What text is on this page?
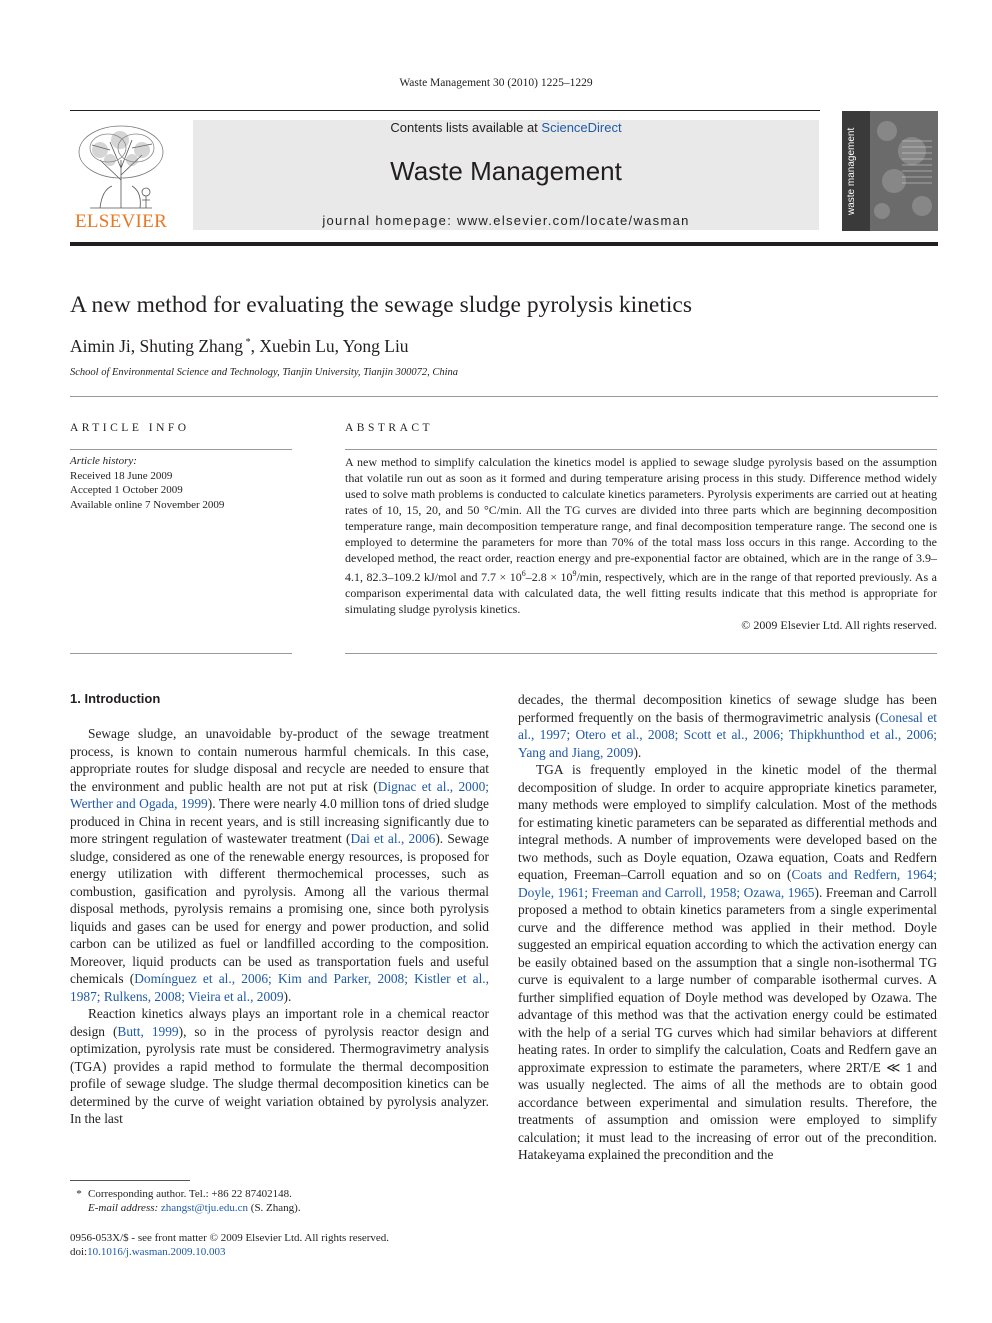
Waste Management 30 (2010) 1225–1229
ELSEVIER
Contents lists available at ScienceDirect
Waste Management
journal homepage: www.elsevier.com/locate/wasman
waste management
A new method for evaluating the sewage sludge pyrolysis kinetics
Aimin Ji, Shuting Zhang *, Xuebin Lu, Yong Liu
School of Environmental Science and Technology, Tianjin University, Tianjin 300072, China
ARTICLE INFO
Article history:
Received 18 June 2009
Accepted 1 October 2009
Available online 7 November 2009
ABSTRACT

A new method to simplify calculation the kinetics model is applied to sewage sludge pyrolysis based on the assumption that volatile run out as soon as it formed and during temperature arising process in this study. Difference method widely used to solve math problems is conducted to calculate kinetics parameters. Pyrolysis experiments are carried out at heating rates of 10, 15, 20, and 50 °C/min. All the TG curves are divided into three parts which are beginning decomposition temperature range, main decomposition temperature range, and final decomposition temperature range. The second one is employed to determine the parameters for more than 70% of the total mass loss occurs in this range. According to the developed method, the react order, reaction energy and pre-exponential factor are obtained, which are in the range of 3.9–4.1, 82.3–109.2 kJ/mol and $7.7 \times 10^6-2.8 \times 10^9/\min$, respectively, which are in the range of that reported previously. As a comparison experimental data with calculated data, the well fitting results indicate that this method is appropriate for simulating sludge pyrolysis kinetics.

© 2009 Elsevier Ltd. All rights reserved.
1. Introduction

Sewage sludge, an unavoidable by-product of the sewage treatment process, is known to contain numerous harmful chemicals. In this case, appropriate routes for sludge disposal and recycle are needed to ensure that the environment and public health are not put at risk (Dignac et al., 2000; Werther and Ogada, 1999). There were nearly 4.0 million tons of dried sludge produced in China in recent years, and is still increasing significantly due to more stringent regulation of wastewater treatment (Dai et al., 2006). Sewage sludge, considered as one of the renewable energy resources, is proposed for energy utilization with different thermochemical processes, such as combustion, gasification and pyrolysis. Among all the various thermal disposal methods, pyrolysis remains a promising one, since both pyrolysis liquids and gases can be used for energy and power production, and solid carbon can be utilized as fuel or landfilled according to the composition. Moreover, liquid products can be used as transportation fuels and useful chemicals (Domínguez et al., 2006; Kim and Parker, 2008; Kistler et al., 1987; Rulkens, 2008; Vieira et al., 2009).

Reaction kinetics always plays an important role in a chemical reactor design (Butt, 1999), so in the process of pyrolysis reactor design and optimization, pyrolysis rate must be considered. Thermogravimetry analysis (TGA) provides a rapid method to formulate the thermal decomposition profile of sewage sludge. The sludge thermal decomposition kinetics can be determined by the curve of weight variation obtained by pyrolysis analyzer. In the last

decades, the thermal decomposition kinetics of sewage sludge has been performed frequently on the basis of thermogravimetric analysis (Conesal et al., 1997; Otero et al., 2008; Scott et al., 2006; Thipkhunthod et al., 2006; Yang and Jiang, 2009).

TGA is frequently employed in the kinetic model of the thermal decomposition of sludge. In order to acquire appropriate kinetics parameter, many methods were employed to simplify calculation. Most of the methods for estimating kinetic parameters can be separated as differential methods and integral methods. A number of improvements were developed based on the two methods, such as Doyle equation, Ozawa equation, Coats and Redfern equation, Freeman–Carroll equation and so on (Coats and Redfern, 1964; Doyle, 1961; Freeman and Carroll, 1958; Ozawa, 1965). Freeman and Carroll proposed a method to obtain kinetics parameters from a single experimental curve and the difference method was applied in their method. Doyle suggested an empirical equation according to which the activation energy can be easily obtained based on the assumption that a single non-isothermal TG curve is equivalent to a large number of comparable isothermal curves. A further simplified equation of Doyle method was developed by Ozawa. The advantage of this method was that the activation energy could be estimated with the help of a serial TG curves which had similar behaviors at different heating rates. In order to simplify the calculation, Coats and Redfern gave an approximate expression to estimate the parameters, where 2RT/E ≪ 1 and was usually neglected. The aims of all the methods are to obtain good accordance between experimental and simulation results. Therefore, the treatments of assumption and omission were employed to simplify calculation; it must lead to the increasing of error out of the precondition. Hatakeyama explained the precondition and the

* Corresponding author. Tel.: +86 22 87402148.
E-mail address: zhangst@tju.edu.cn (S. Zhang).
0956-053X/$ - see front matter © 2009 Elsevier Ltd. All rights reserved.
doi:10.1016/j.wasman.2009.10.003
